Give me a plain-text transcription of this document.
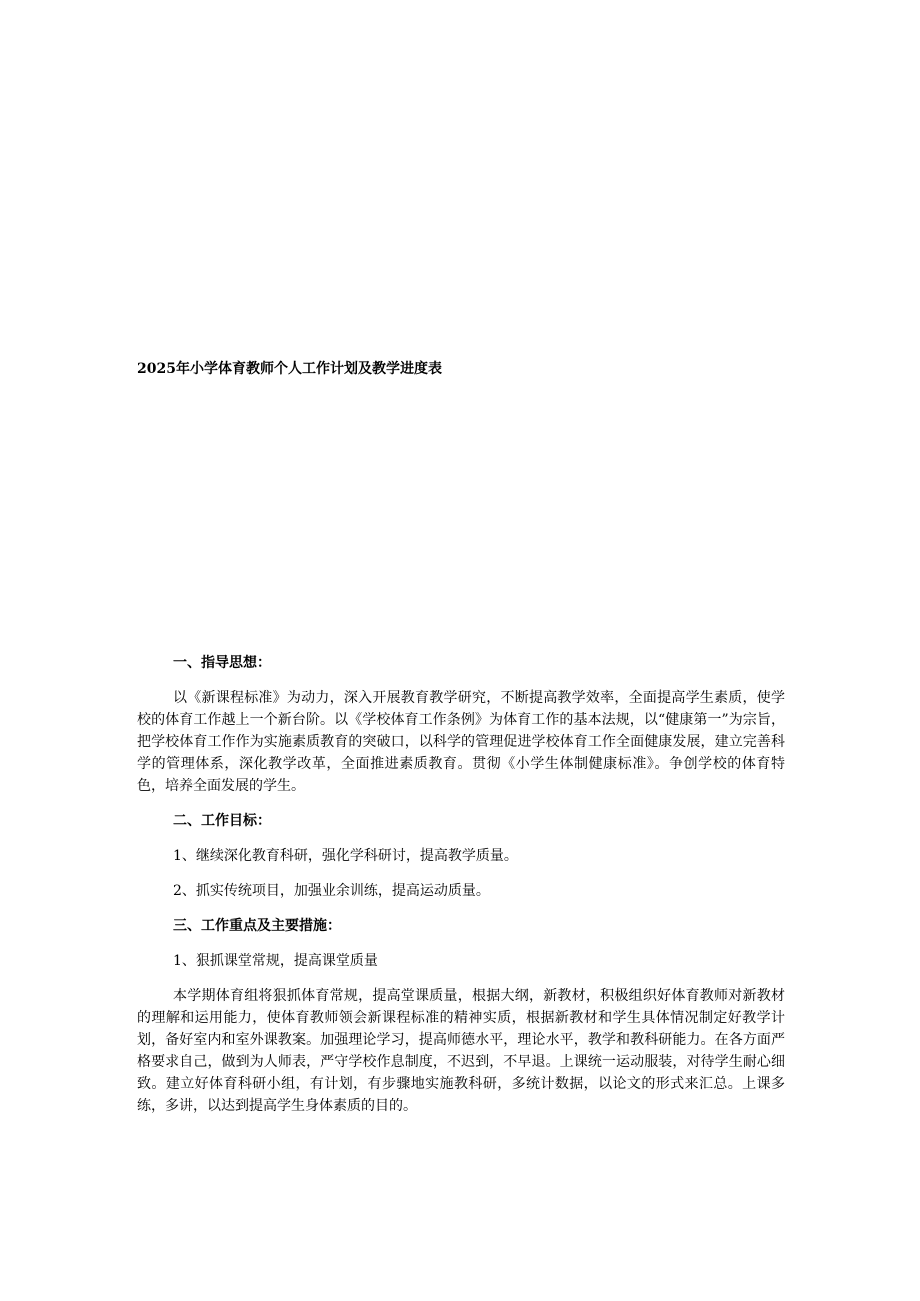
2025年小学体育教师个人工作计划及教学进度表
一、指导思想：

以《新课程标准》为动力，深入开展教育教学研究，不断提高教学效率，全面提高学生素质，使学校的体育工作越上一个新台阶。以《学校体育工作条例》为体育工作的基本法规，以“健康第一”为宗旨，把学校体育工作作为实施素质教育的突破口，以科学的管理促进学校体育工作全面健康发展，建立完善科学的管理体系，深化教学改革，全面推进素质教育。贯彻《小学生体制健康标准》。争创学校的体育特色，培养全面发展的学生。

二、工作目标：
1、继续深化教育科研，强化学科研讨，提高教学质量。
2、抓实传统项目，加强业余训练，提高运动质量。
三、工作重点及主要措施：
1、狠抓课堂常规，提高课堂质量

本学期体育组将狠抓体育常规，提高堂课质量，根据大纲，新教材，积极组织好体育教师对新教材的理解和运用能力，使体育教师领会新课程标准的精神实质，根据新教材和学生具体情况制定好教学计划，备好室内和室外课教案。加强理论学习，提高师德水平，理论水平，教学和教科研能力。在各方面严格要求自己，做到为人师表，严守学校作息制度，不迟到，不早退。上课统一运动服装，对待学生耐心细致。建立好体育科研小组，有计划，有步骤地实施教科研，多统计数据，以论文的形式来汇总。上课多练，多讲，以达到提高学生身体素质的目的。
